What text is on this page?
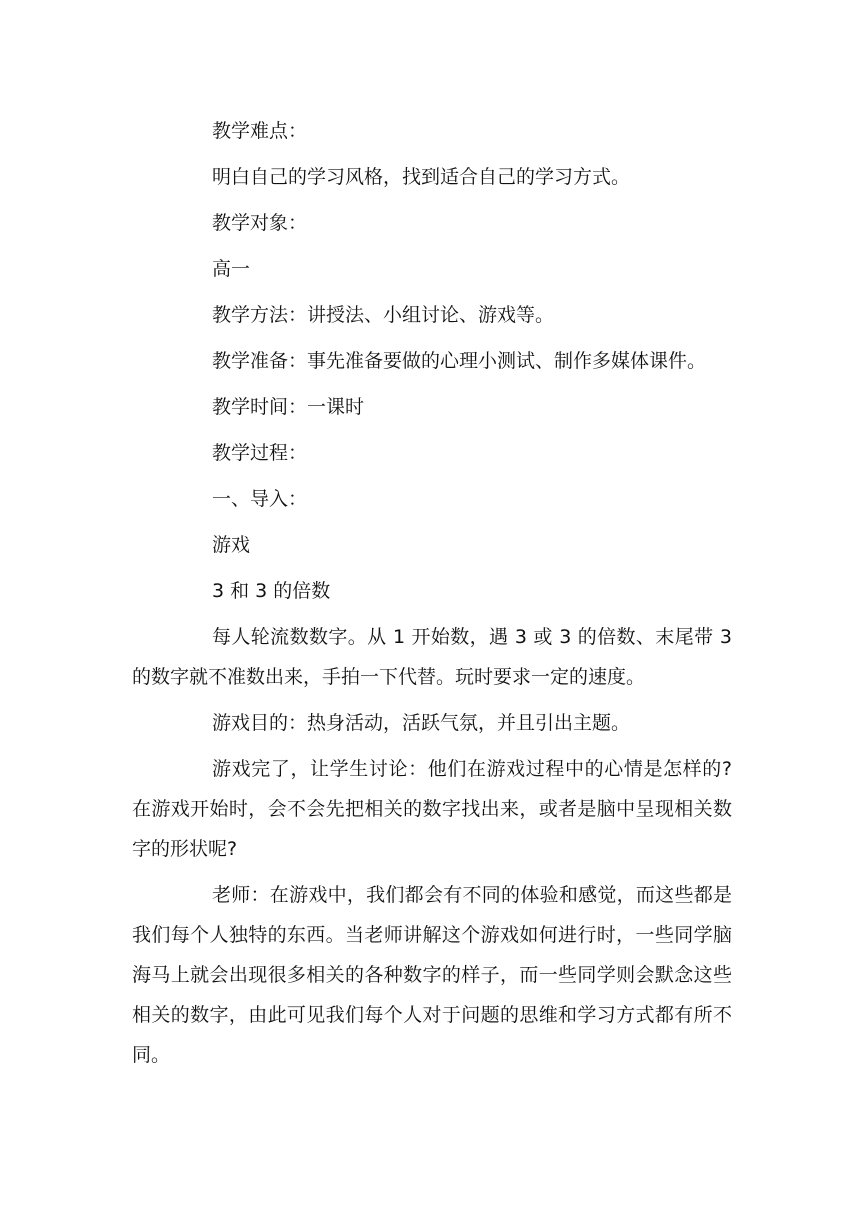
教学难点：

明白自己的学习风格，找到适合自己的学习方式。

教学对象：

高一

教学方法：讲授法、小组讨论、游戏等。

教学准备：事先准备要做的心理小测试、制作多媒体课件。

教学时间：一课时

教学过程：

一、导入：

游戏

3 和 3 的倍数

每人轮流数数字。从 1 开始数，遇 3 或 3 的倍数、末尾带 3 的数字就不准数出来，手拍一下代替。玩时要求一定的速度。

游戏目的：热身活动，活跃气氛，并且引出主题。

游戏完了，让学生讨论：他们在游戏过程中的心情是怎样的?在游戏开始时，会不会先把相关的数字找出来，或者是脑中呈现相关数字的形状呢?

老师：在游戏中，我们都会有不同的体验和感觉，而这些都是我们每个人独特的东西。当老师讲解这个游戏如何进行时，一些同学脑海马上就会出现很多相关的各种数字的样子，而一些同学则会默念这些相关的数字，由此可见我们每个人对于问题的思维和学习方式都有所不同。
